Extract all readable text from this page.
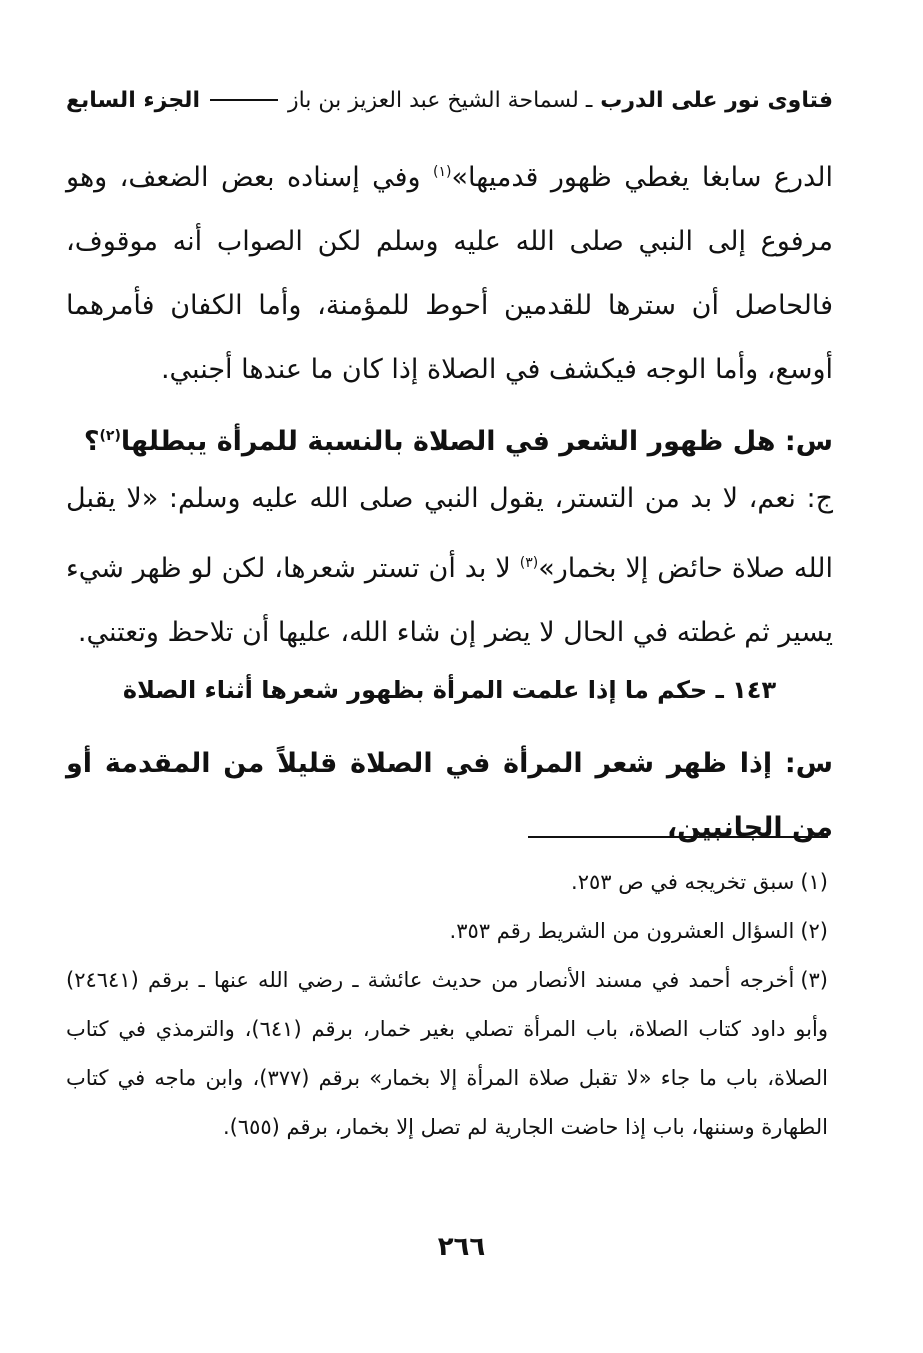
فتاوى نور على الدرب
ـ لسماحة الشيخ عبد العزيز بن باز
الجزء السابع
الدرع سابغا يغطي ظهور قدميها»$^{(١)}$ وفي إسناده بعض الضعف، وهو مرفوع إلى النبي صلى الله عليه وسلم لكن الصواب أنه موقوف، فالحاصل أن سترها للقدمين أحوط للمؤمنة، وأما الكفان فأمرهما أوسع، وأما الوجه فيكشف في الصلاة إذا كان ما عندها أجنبي.
س: هل ظهور الشعر في الصلاة بالنسبة للمرأة يبطلها$^{(٢)}$؟
ج: نعم، لا بد من التستر، يقول النبي صلى الله عليه وسلم: «لا يقبل الله صلاة حائض إلا بخمار»$^{(٣)}$ لا بد أن تستر شعرها، لكن لو ظهر شيء يسير ثم غطته في الحال لا يضر إن شاء الله، عليها أن تلاحظ وتعتني.
١٤٣ ـ حكم ما إذا علمت المرأة بظهور شعرها أثناء الصلاة
س: إذا ظهر شعر المرأة في الصلاة قليلاً من المقدمة أو من الجانبين،
(١)سبق تخريجه في ص ٢٥٣.
(٢)السؤال العشرون من الشريط رقم ٣٥٣.
(٣)أخرجه أحمد في مسند الأنصار من حديث عائشة ـ رضي الله عنها ـ برقم (٢٤٦٤١) وأبو داود كتاب الصلاة، باب المرأة تصلي بغير خمار، برقم (٦٤١)، والترمذي في كتاب الصلاة، باب ما جاء «لا تقبل صلاة المرأة إلا بخمار» برقم (٣٧٧)، وابن ماجه في كتاب الطهارة وسننها، باب إذا حاضت الجارية لم تصل إلا بخمار، برقم (٦٥٥).
٢٦٦
